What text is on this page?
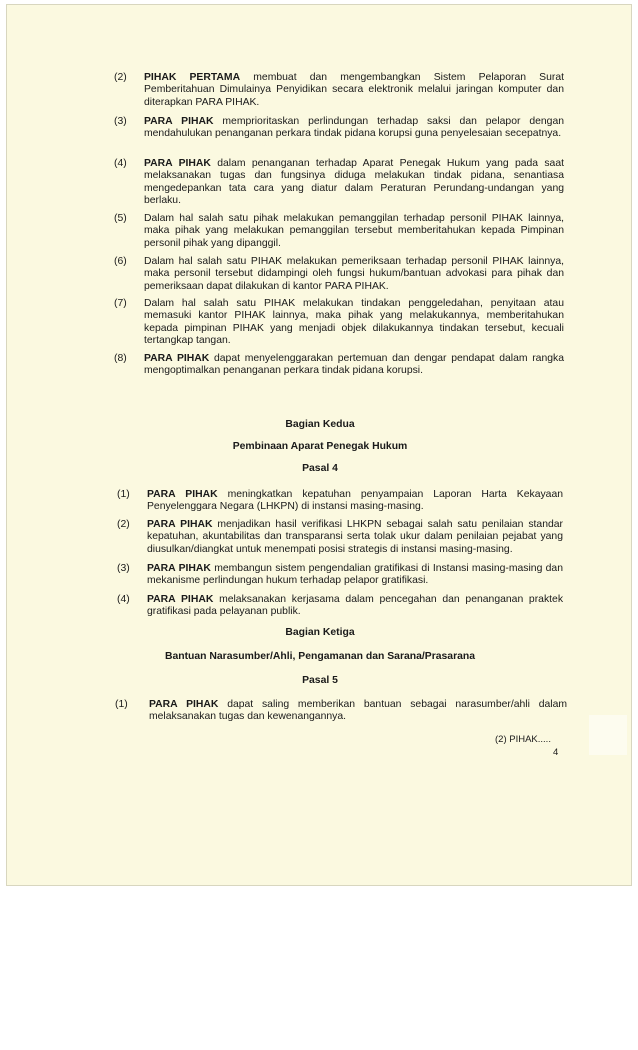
(2)	PIHAK PERTAMA membuat dan mengembangkan Sistem Pelaporan Surat Pemberitahuan Dimulainya Penyidikan secara elektronik melalui jaringan komputer dan diterapkan PARA PIHAK.
(3)	PARA PIHAK memprioritaskan perlindungan terhadap saksi dan pelapor dengan mendahulukan penanganan perkara tindak pidana korupsi guna penyelesaian secepatnya.
(4)	PARA PIHAK dalam penanganan terhadap Aparat Penegak Hukum yang pada saat melaksanakan tugas dan fungsinya diduga melakukan tindak pidana, senantiasa mengedepankan tata cara yang diatur dalam Peraturan Perundang-undangan yang berlaku.
(5)	Dalam hal salah satu pihak melakukan pemanggilan terhadap personil PIHAK lainnya, maka pihak yang melakukan pemanggilan tersebut memberitahukan kepada Pimpinan personil pihak yang dipanggil.
(6)	Dalam hal salah satu PIHAK melakukan pemeriksaan terhadap personil PIHAK lainnya, maka personil tersebut didampingi oleh fungsi hukum/bantuan advokasi para pihak dan pemeriksaan dapat dilakukan di kantor PARA PIHAK.
(7)	Dalam hal salah satu PIHAK melakukan tindakan penggeledahan, penyitaan atau memasuki kantor PIHAK lainnya, maka pihak yang melakukannya, memberitahukan kepada pimpinan PIHAK yang menjadi objek dilakukannya tindakan tersebut, kecuali tertangkap tangan.
(8)	PARA PIHAK dapat menyelenggarakan pertemuan dan dengar pendapat dalam rangka mengoptimalkan penanganan perkara tindak pidana korupsi.
Bagian Kedua
Pembinaan Aparat Penegak Hukum
Pasal 4
(1)	PARA PIHAK meningkatkan kepatuhan penyampaian Laporan Harta Kekayaan Penyelenggara Negara (LHKPN) di instansi masing-masing.
(2)	PARA PIHAK menjadikan hasil verifikasi LHKPN sebagai salah satu penilaian standar kepatuhan, akuntabilitas dan transparansi serta tolak ukur dalam penilaian pejabat yang diusulkan/diangkat untuk menempati posisi strategis di instansi masing-masing.
(3)	PARA PIHAK membangun sistem pengendalian gratifikasi di Instansi masing-masing dan mekanisme perlindungan hukum terhadap pelapor gratifikasi.
(4)	PARA PIHAK melaksanakan kerjasama dalam pencegahan dan penanganan praktek gratifikasi pada pelayanan publik.
Bagian Ketiga
Bantuan Narasumber/Ahli, Pengamanan dan Sarana/Prasarana
Pasal 5
(1)	PARA PIHAK dapat saling memberikan bantuan sebagai narasumber/ahli dalam melaksanakan tugas dan kewenangannya.
(2) PIHAK.....
4
